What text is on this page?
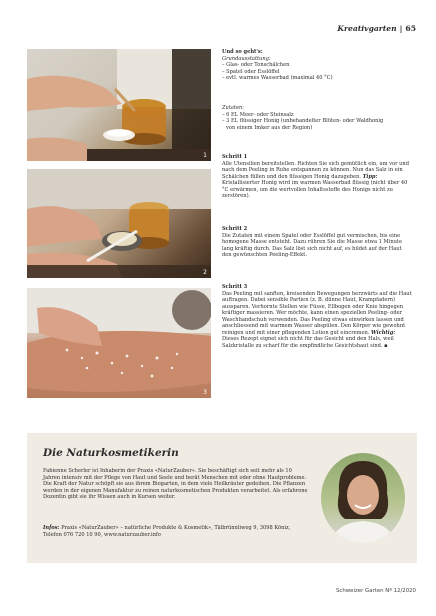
Kreativgarten | 65
1
2
3

Und so geht's:

Grundausstattung:

– Glas- oder Tonschälchen

– Spatel oder Esslöffel

– evtl. warmes Wasserbad (maximal 40 °C)

Zutaten:

– 6 EL Meer- oder Steinsalz

– 3 EL flüssiger Honig (unbehandelter Blüten- oder Waldhonig

von einem Imker aus der Region)

Schritt 1

Alle Utensilien bereitstellen. Richten Sie sich gemütlich ein, um vor und nach dem Peeling in Ruhe entspannen zu können. Nun das Salz in ein Schälchen füllen und den flüssigen Honig dazugeben. Tipp: Kristallisierter Honig wird im warmen Wasserbad flüssig (nicht über 40 °C erwärmen, um die wertvollen Inhaltsstoffe des Honigs nicht zu zerstören).

Schritt 2

Die Zutaten mit einem Spatel oder Esslöffel gut vermischen, bis eine homogene Masse entsteht. Dazu rühren Sie die Masse etwa 1 Minute lang kräftig durch. Das Salz löst sich nicht auf, es bildet auf der Haut den gewünschten Peeling-Effekt.

Schritt 3

Das Peeling mit sanften, kreisenden Bewegungen herzwärts auf die Haut auftragen. Dabei sensible Partien (z. B. dünne Haut, Krampfadern) aussparen. Verhornte Stellen wie Füsse, Ellbogen oder Knie hingegen kräftiger massieren. Wer möchte, kann einen speziellen Peeling- oder Waschhandschuh verwenden. Das Peeling etwas einwirken lassen und anschliessend mit warmem Wasser abspülen. Den Körper wie gewohnt reinigen und mit einer pflegenden Lotion gut eincremen. Wichtig: Dieses Rezept eignet sich nicht für das Gesicht und den Hals, weil Salzkristalle zu scharf für die empfindliche Gesichtshaut sind. ▪

Die Naturkosmetikerin

Fabienne Scherler ist Inhaberin der Praxis «NaturZauber». Sie beschäftigt sich seit mehr als 10 Jahren intensiv mit der Pflege von Haut und Seele und berät Menschen mit oder ohne Hautprobleme. Die Kraft der Natur schöpft sie aus ihrem Biogarten, in dem viele Heilkräuter gedeihen. Die Pflanzen werden in der eigenen Manufaktur zu reinen naturkosmetischen Produkten verarbeitet. Als erfahrene Dozentin gibt sie ihr Wissen auch in Kursen weiter.

Infos: Praxis «NaturZauber» – natürliche Produkte & Kosmetik», Tälbrünnliweg 9, 3098 Köniz, Telefon 076 720 10 90, www.naturzauber.info
Schweizer Garten Nº 12/2020
